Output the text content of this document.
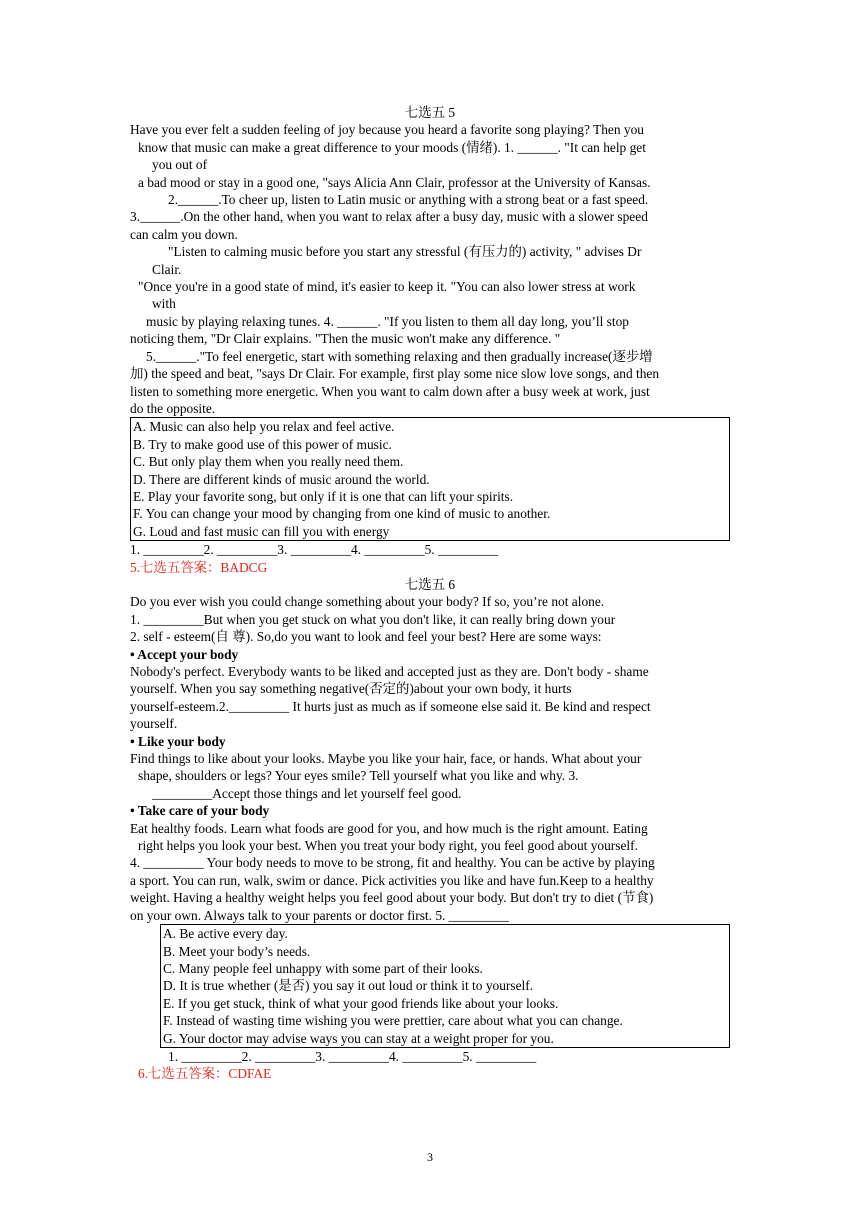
七选五 5

Have you ever felt a sudden feeling of joy because you heard a favorite song playing? Then you

know that music can make a great difference to your moods (情绪). 1. ______. "It can help get

you out of

a bad mood or stay in a good one, "says Alicia Ann Clair, professor at the University of Kansas.

2.______.To cheer up, listen to Latin music or anything with a strong beat or a fast speed.

3.______.On the other hand, when you want to relax after a busy day, music with a slower speed

can calm you down.

"Listen to calming music before you start any stressful (有压力的) activity, " advises Dr

Clair.

"Once you're in a good state of mind, it's easier to keep it. "You can also lower stress at work

with

music by playing relaxing tunes. 4. ______. "If you listen to them all day long, you’ll stop

noticing them, "Dr Clair explains. "Then the music won't make any difference. "

5.______."To feel energetic, start with something relaxing and then gradually increase(逐步增

加) the speed and beat, "says Dr Clair. For example, first play some nice slow love songs, and then

listen to something more energetic. When you want to calm down after a busy week at work, just

do the opposite.

A. Music can also help you relax and feel active.

B. Try to make good use of this power of music.

C. But only play them when you really need them.

D. There are different kinds of music around the world.

E. Play your favorite song, but only if it is one that can lift your spirits.

F. You can change your mood by changing from one kind of music to another.

G. Loud and fast music can fill you with energy

1. _________2. _________3. _________4. _________5. _________

5.七选五答案：BADCG

七选五 6

Do you ever wish you could change something about your body? If so, you’re not alone.

1. _________But when you get stuck on what you don't like, it can really bring down your

2. self - esteem(自 尊). So,do you want to look and feel your best? Here are some ways:

• Accept your body

Nobody's perfect. Everybody wants to be liked and accepted just as they are. Don't body - shame

yourself. When you say something negative(否定的)about your own body, it hurts

yourself-esteem.2._________ It hurts just as much as if someone else said it. Be kind and respect

yourself.

• Like your body

Find things to like about your looks. Maybe you like your hair, face, or hands. What about your

shape, shoulders or legs? Your eyes smile? Tell yourself what you like and why. 3.

_________Accept those things and let yourself feel good.

• Take care of your body

Eat healthy foods. Learn what foods are good for you, and how much is the right amount. Eating

right helps you look your best. When you treat your body right, you feel good about yourself.

4. _________ Your body needs to move to be strong, fit and healthy. You can be active by playing

a sport. You can run, walk, swim or dance. Pick activities you like and have fun.Keep to a healthy

weight. Having a healthy weight helps you feel good about your body. But don't try to diet (节食)

on your own. Always talk to your parents or doctor first. 5. _________

A. Be active every day.

B. Meet your body’s needs.

C. Many people feel unhappy with some part of their looks.

D. It is true whether (是否) you say it out loud or think it to yourself.

E. If you get stuck, think of what your good friends like about your looks.

F. Instead of wasting time wishing you were prettier, care about what you can change.

G. Your doctor may advise ways you can stay at a weight proper for you.

1. _________2. _________3. _________4. _________5. _________

6.七选五答案：CDFAE

3
